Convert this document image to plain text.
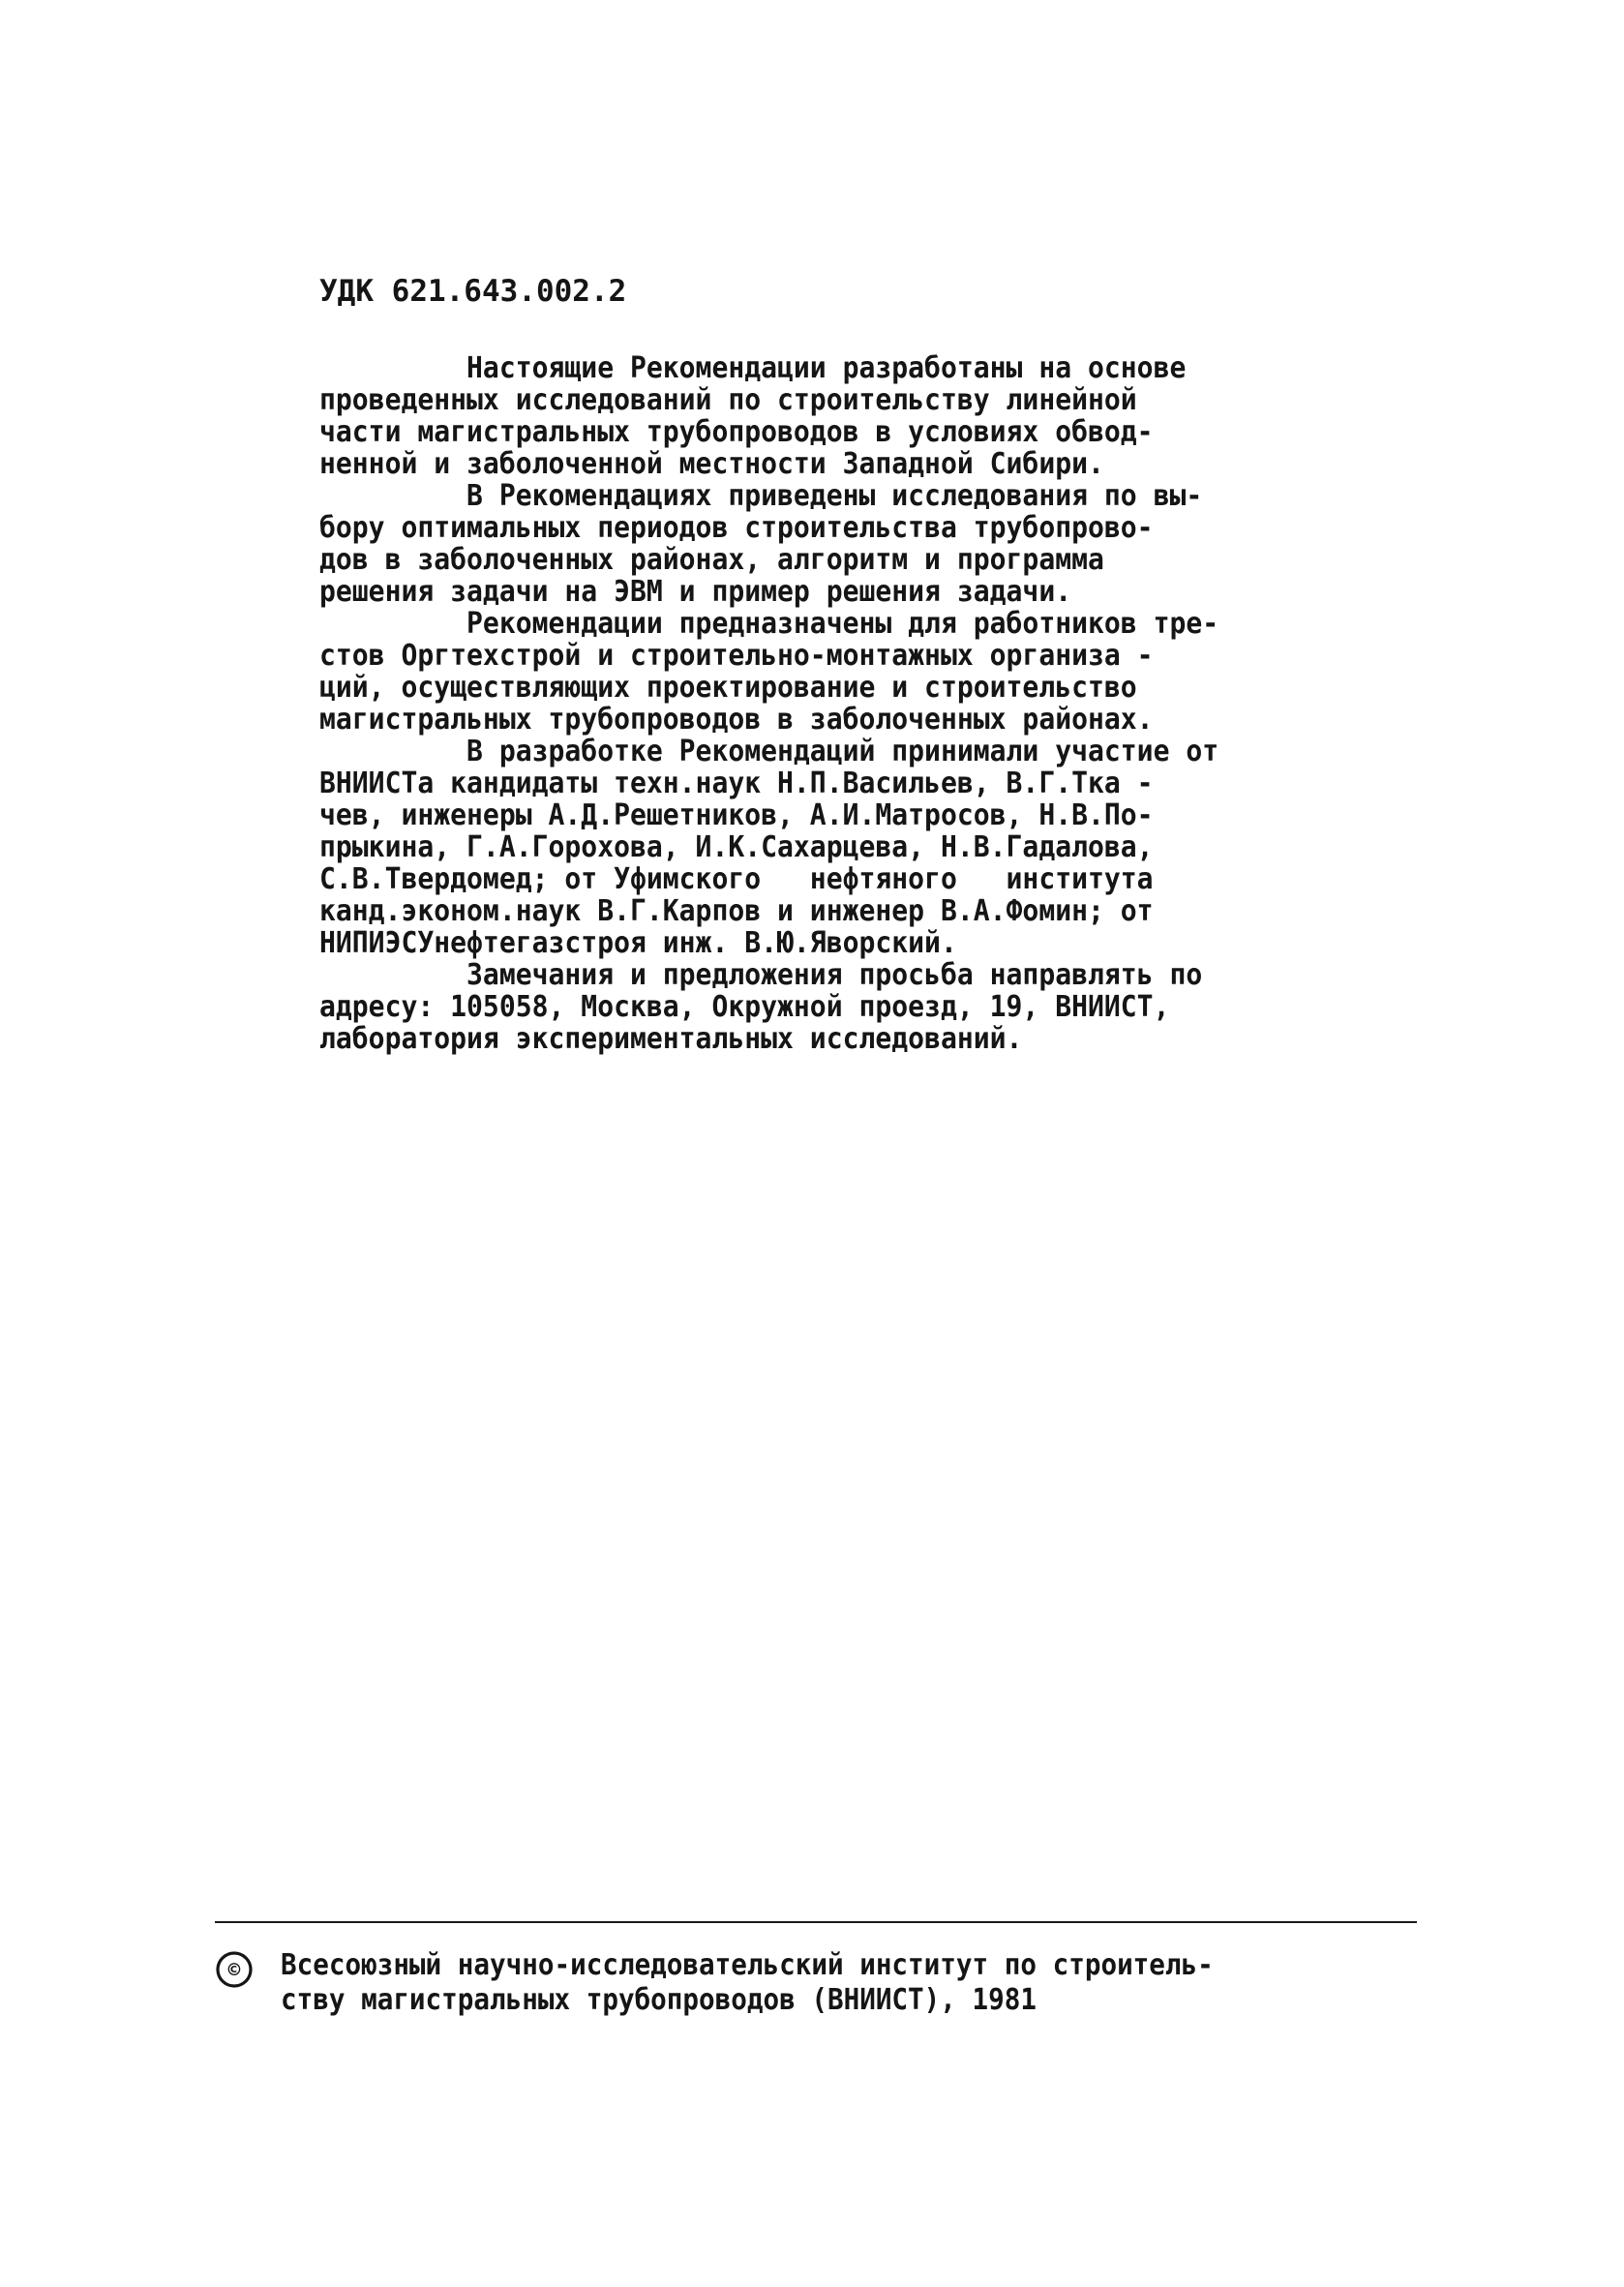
УДК 621.643.002.2
Настоящие Рекомендации разработаны на основе
проведенных исследований по строительству линейной
части магистральных трубопроводов в условиях обвод-
ненной и заболоченной местности Западной Сибири.
В Рекомендациях приведены исследования по вы-
бору оптимальных периодов строительства трубопрово-
дов в заболоченных районах, алгоритм и программа
решения задачи на ЭВМ и пример решения задачи.
Рекомендации предназначены для работников тре-
стов Оргтехстрой и строительно-монтажных организа -
ций, осуществляющих проектирование и строительство
магистральных трубопроводов в заболоченных районах.
В разработке Рекомендаций принимали участие от
ВНИИСТа кандидаты техн.наук Н.П.Васильев, В.Г.Тка -
чев, инженеры А.Д.Решетников, А.И.Матросов, Н.В.По-
прыкина, Г.А.Горохова, И.К.Сахарцева, Н.В.Гадалова,
С.В.Твердомед; от Уфимского   нефтяного   института
канд.эконом.наук В.Г.Карпов и инженер В.А.Фомин; от
НИПИЭСУнефтегазстроя инж. В.Ю.Яворский.
Замечания и предложения просьба направлять по
адресу: 105058, Москва, Окружной проезд, 19, ВНИИСТ,
лаборатория экспериментальных исследований.
© Всесоюзный научно-исследовательский институт по строитель-
ству магистральных трубопроводов (ВНИИСТ), 1981
